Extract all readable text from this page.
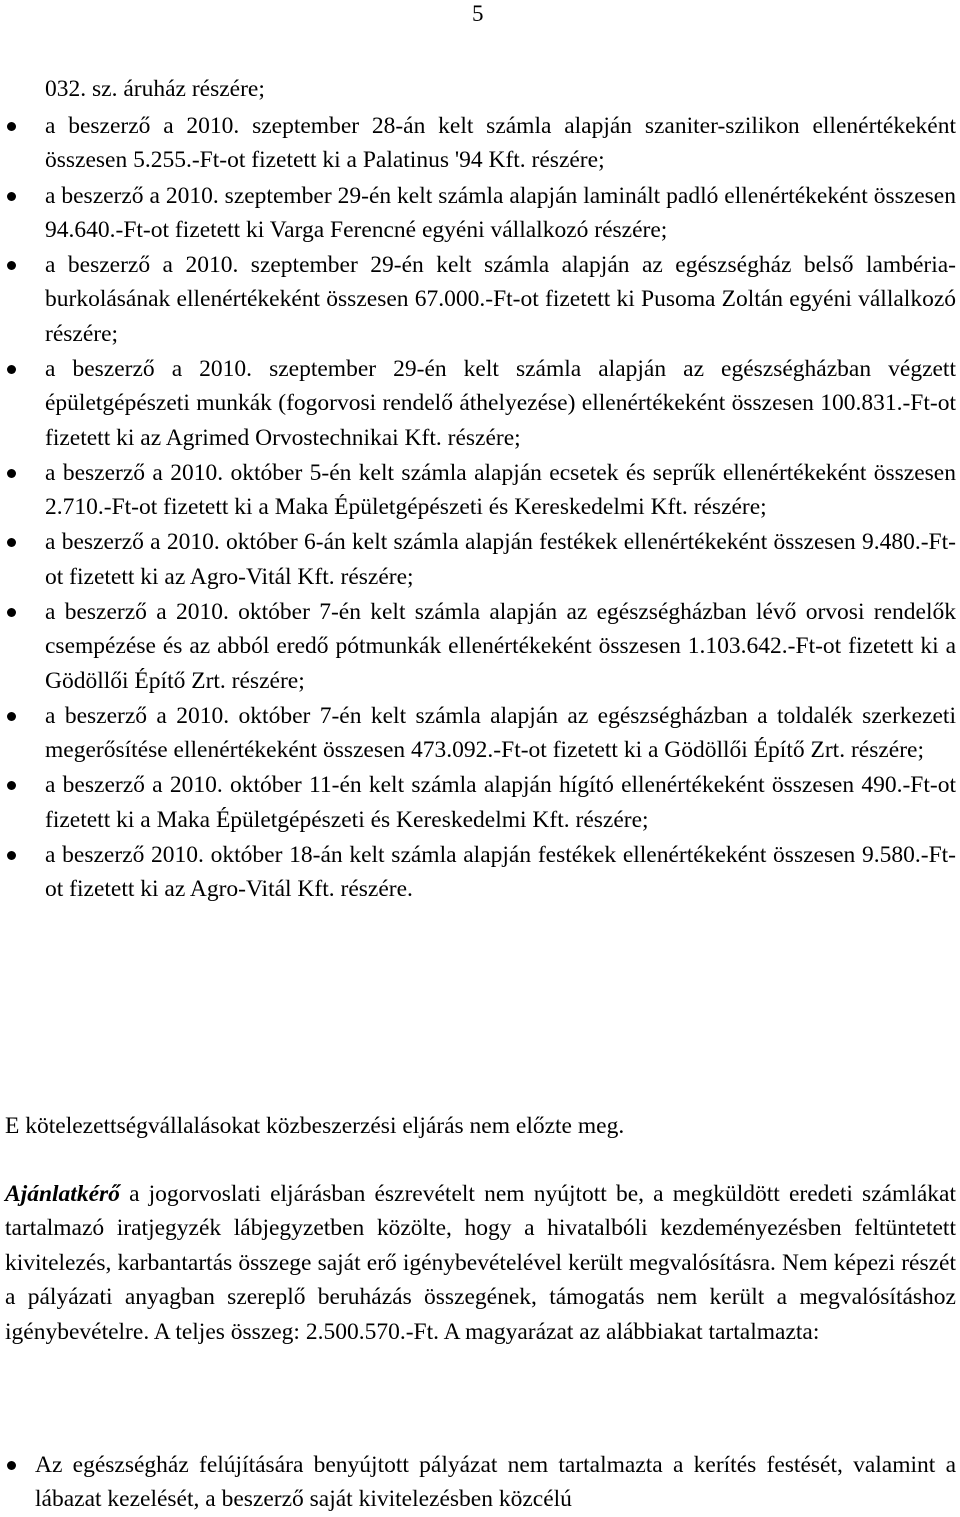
5
032. sz. áruház részére;
a beszerző a 2010. szeptember 28-án kelt számla alapján szaniter-szilikon ellenértékeként összesen 5.255.-Ft-ot fizetett ki a Palatinus '94 Kft. részére;
a beszerző a 2010. szeptember 29-én kelt számla alapján laminált padló ellenértékeként összesen 94.640.-Ft-ot fizetett ki Varga Ferencné egyéni vállalkozó részére;
a beszerző a 2010. szeptember 29-én kelt számla alapján az egészségház belső lambéria-burkolásának ellenértékeként összesen 67.000.-Ft-ot fizetett ki Pusoma Zoltán egyéni vállalkozó részére;
a beszerző a 2010. szeptember 29-én kelt számla alapján az egészségházban végzett épületgépészeti munkák (fogorvosi rendelő áthelyezése) ellenértékeként összesen 100.831.-Ft-ot fizetett ki az Agrimed Orvostechnikai Kft. részére;
a beszerző a 2010. október 5-én kelt számla alapján ecsetek és seprűk ellenértékeként összesen 2.710.-Ft-ot fizetett ki a Maka Épületgépészeti és Kereskedelmi Kft. részére;
a beszerző a 2010. október 6-án kelt számla alapján festékek ellenértékeként összesen 9.480.-Ft-ot fizetett ki az Agro-Vitál Kft. részére;
a beszerző a 2010. október 7-én kelt számla alapján az egészségházban lévő orvosi rendelők csempézése és az abból eredő pótmunkák ellenértékeként összesen 1.103.642.-Ft-ot fizetett ki a Gödöllői Építő Zrt. részére;
a beszerző a 2010. október 7-én kelt számla alapján az egészségházban a toldalék szerkezeti megerősítése ellenértékeként összesen 473.092.-Ft-ot fizetett ki a Gödöllői Építő Zrt. részére;
a beszerző a 2010. október 11-én kelt számla alapján hígító ellenértékeként összesen 490.-Ft-ot fizetett ki a Maka Épületgépészeti és Kereskedelmi Kft. részére;
a beszerző 2010. október 18-án kelt számla alapján festékek ellenértékeként összesen 9.580.-Ft-ot fizetett ki az Agro-Vitál Kft. részére.

E kötelezettségvállalásokat közbeszerzési eljárás nem előzte meg.

Ajánlatkérő a jogorvoslati eljárásban észrevételt nem nyújtott be, a megküldött eredeti számlákat tartalmazó iratjegyzék lábjegyzetben közölte, hogy a hivatalbóli kezdeményezésben feltüntetett kivitelezés, karbantartás összege saját erő igénybevételével került megvalósításra. Nem képezi részét a pályázati anyagban szereplő beruházás összegének, támogatás nem került a megvalósításhoz igénybevételre. A teljes összeg: 2.500.570.-Ft. A magyarázat az alábbiakat tartalmazta:

Az egészségház felújítására benyújtott pályázat nem tartalmazta a kerítés festését, valamint a lábazat kezelését, a beszerző saját kivitelezésben közcélú
